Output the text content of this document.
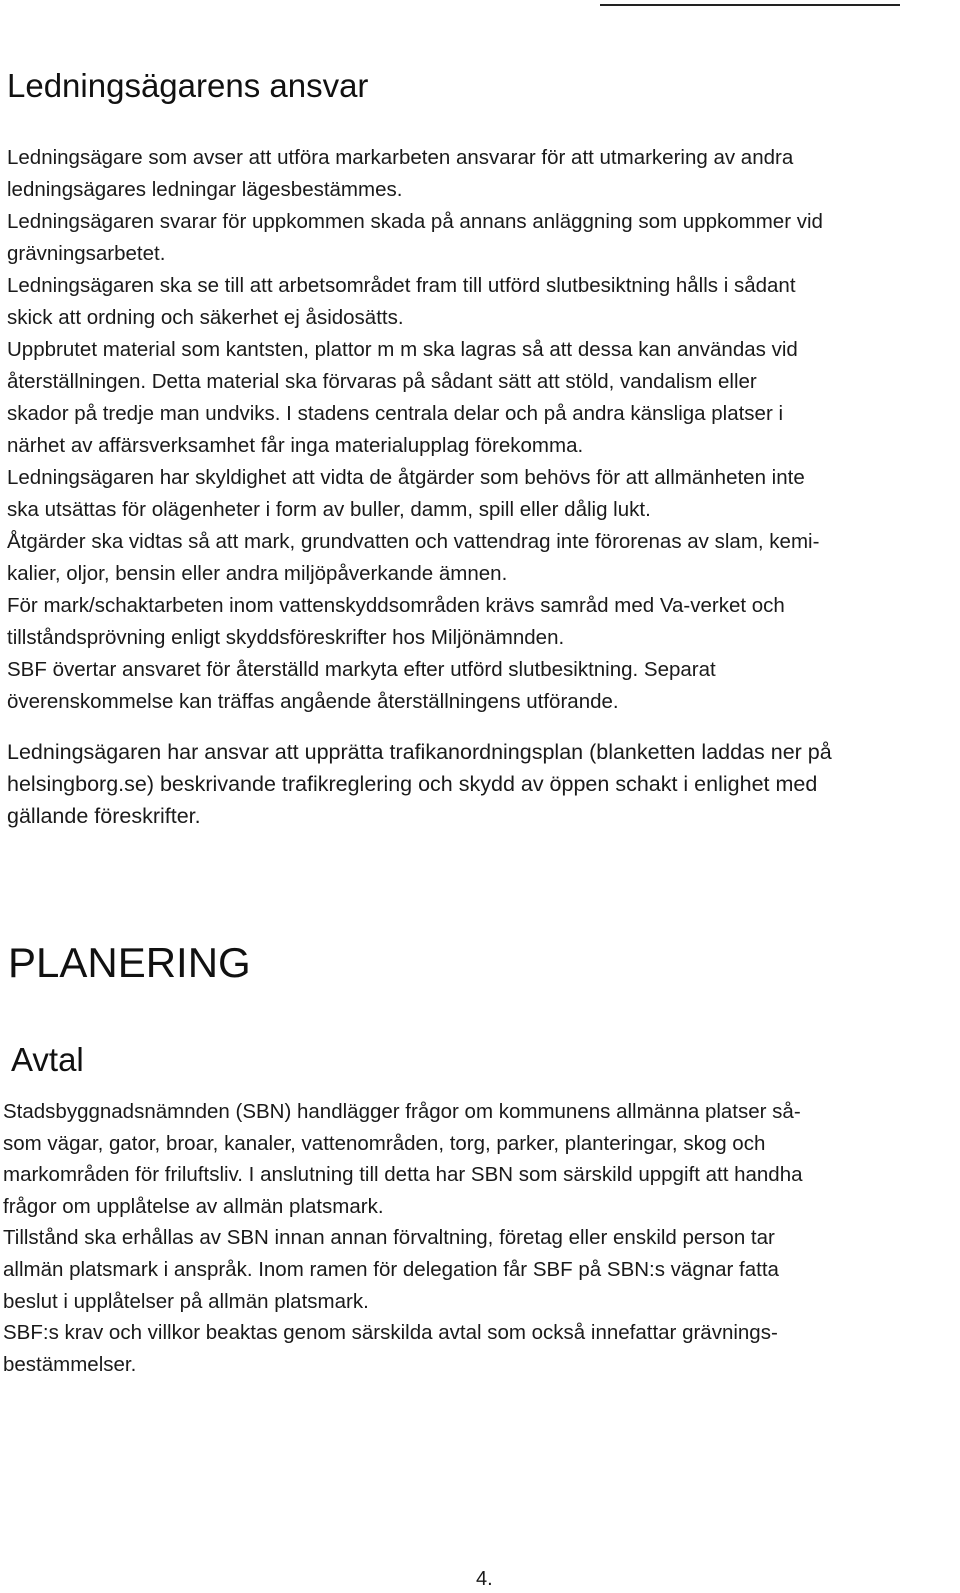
Ledningsägarens ansvar
Ledningsägare som avser att utföra markarbeten ansvarar för att utmarkering av andra
ledningsägares ledningar lägesbestämmes.
Ledningsägaren svarar för uppkommen skada på annans anläggning som uppkommer vid
grävningsarbetet.
Ledningsägaren ska se till att arbetsområdet fram till utförd slutbesiktning hålls i sådant
skick att ordning och säkerhet ej åsidosätts.
Uppbrutet material som kantsten, plattor m m ska lagras så att dessa kan användas vid
återställningen. Detta material ska förvaras på sådant sätt att stöld, vandalism eller
skador på tredje man undviks. I stadens centrala delar och på andra känsliga platser i
närhet av affärsverksamhet får inga materialupplag förekomma.
Ledningsägaren har skyldighet att vidta de åtgärder som behövs för att allmänheten inte
ska utsättas för olägenheter i form av buller, damm, spill eller dålig lukt.
Åtgärder ska vidtas så att mark, grundvatten och vattendrag inte förorenas av slam, kemi-
kalier, oljor, bensin eller andra miljöpåverkande ämnen.
För mark/schaktarbeten inom vattenskyddsområden krävs samråd med Va-verket och
tillståndsprövning enligt skyddsföreskrifter hos Miljönämnden.
SBF övertar ansvaret för återställd markyta efter utförd slutbesiktning. Separat
överenskommelse kan träffas angående återställningens utförande.
Ledningsägaren har ansvar att upprätta trafikanordningsplan (blanketten laddas ner på
helsingborg.se) beskrivande trafikreglering och skydd av öppen schakt i enlighet med
gällande föreskrifter.
PLANERING
Avtal
Stadsbyggnadsnämnden (SBN) handlägger frågor om kommunens allmänna platser så-
som vägar, gator, broar, kanaler, vattenområden, torg, parker, planteringar, skog och
markområden för friluftsliv. I anslutning till detta har SBN som särskild uppgift att handha
frågor om upplåtelse av allmän platsmark.
Tillstånd ska erhållas av SBN innan annan förvaltning, företag eller enskild person tar
allmän platsmark i anspråk. Inom ramen för delegation får SBF på SBN:s vägnar fatta
beslut i upplåtelser på allmän platsmark.
SBF:s krav och villkor beaktas genom särskilda avtal som också innefattar grävnings-
bestämmelser.
4.
